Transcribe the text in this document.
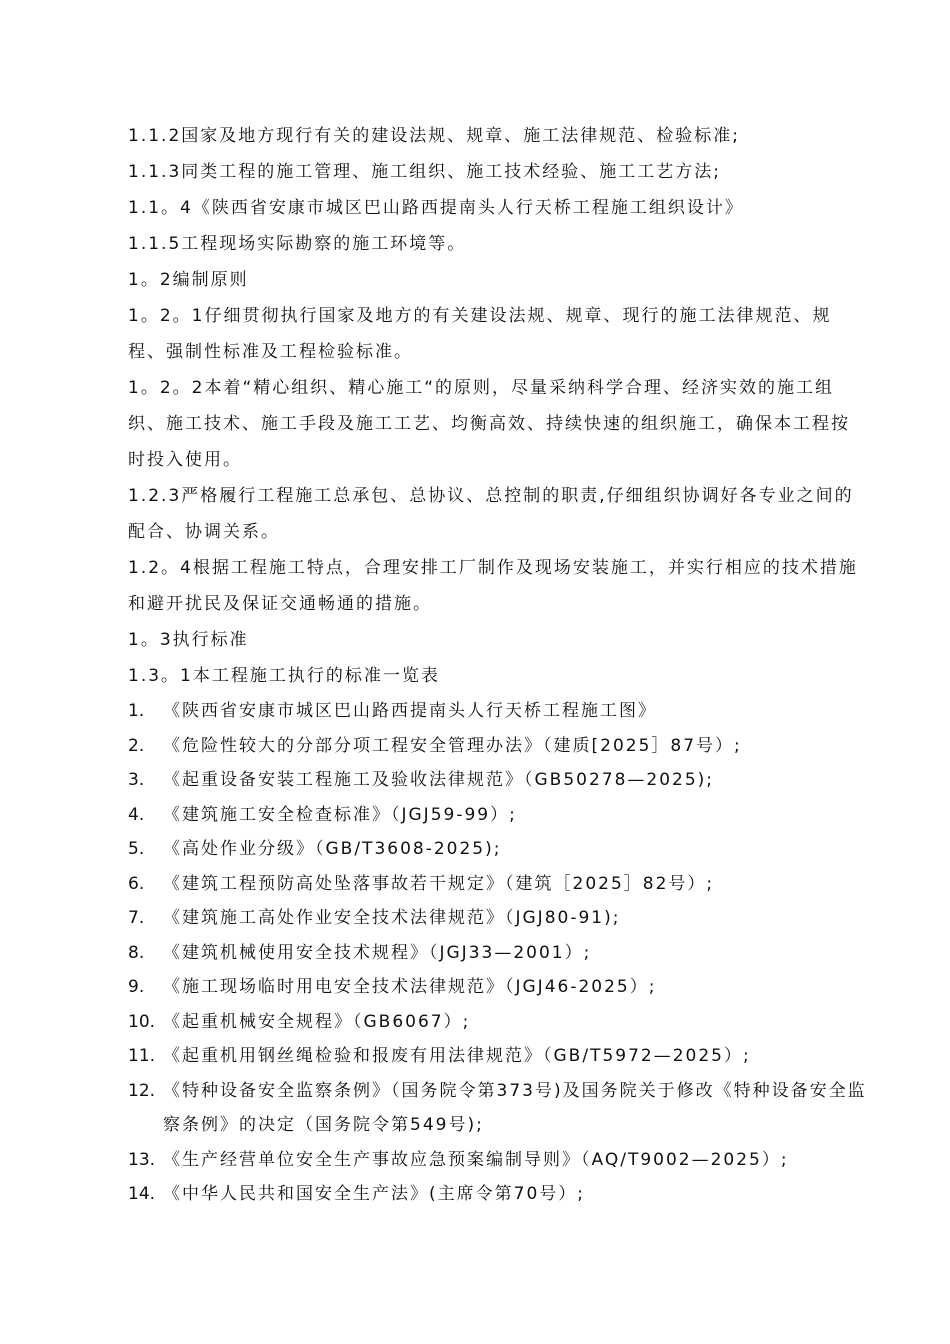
1.1.2国家及地方现行有关的建设法规、规章、施工法律规范、检验标准;

1.1.3同类工程的施工管理、施工组织、施工技术经验、施工工艺方法;

1.1。4《陕西省安康市城区巴山路西提南头人行天桥工程施工组织设计》

1.1.5工程现场实际勘察的施工环境等。

1。2编制原则

1。2。1仔细贯彻执行国家及地方的有关建设法规、规章、现行的施工法律规范、规程、强制性标准及工程检验标准。

1。2。2本着“精心组织、精心施工“的原则，尽量采纳科学合理、经济实效的施工组织、施工技术、施工手段及施工工艺、均衡高效、持续快速的组织施工，确保本工程按时投入使用。

1.2.3严格履行工程施工总承包、总协议、总控制的职责,仔细组织协调好各专业之间的配合、协调关系。

1.2。4根据工程施工特点，合理安排工厂制作及现场安装施工，并实行相应的技术措施和避开扰民及保证交通畅通的措施。

1。3执行标准

1.3。1本工程施工执行的标准一览表

1.	《陕西省安康市城区巴山路西提南头人行天桥工程施工图》
2.	《危险性较大的分部分项工程安全管理办法》（建质[2025］87号）;
3.	《起重设备安装工程施工及验收法律规范》（GB50278—2025);
4.	《建筑施工安全检查标准》（JGJ59-99）;
5.	《高处作业分级》（GB/T3608-2025);
6.	《建筑工程预防高处坠落事故若干规定》（建筑［2025］82号）;
7.	《建筑施工高处作业安全技术法律规范》（JGJ80-91);
8.	《建筑机械使用安全技术规程》（JGJ33—2001）;
9.	《施工现场临时用电安全技术法律规范》（JGJ46-2025）;
10. 《起重机械安全规程》（GB6067）;
11. 《起重机用钢丝绳检验和报废有用法律规范》（GB/T5972—2025）;
12. 《特种设备安全监察条例》（国务院令第373号)及国务院关于修改《特种设备安全监察条例》的决定（国务院令第549号);
13. 《生产经营单位安全生产事故应急预案编制导则》（AQ/T9002—2025）;
14. 《中华人民共和国安全生产法》(主席令第70号）;
